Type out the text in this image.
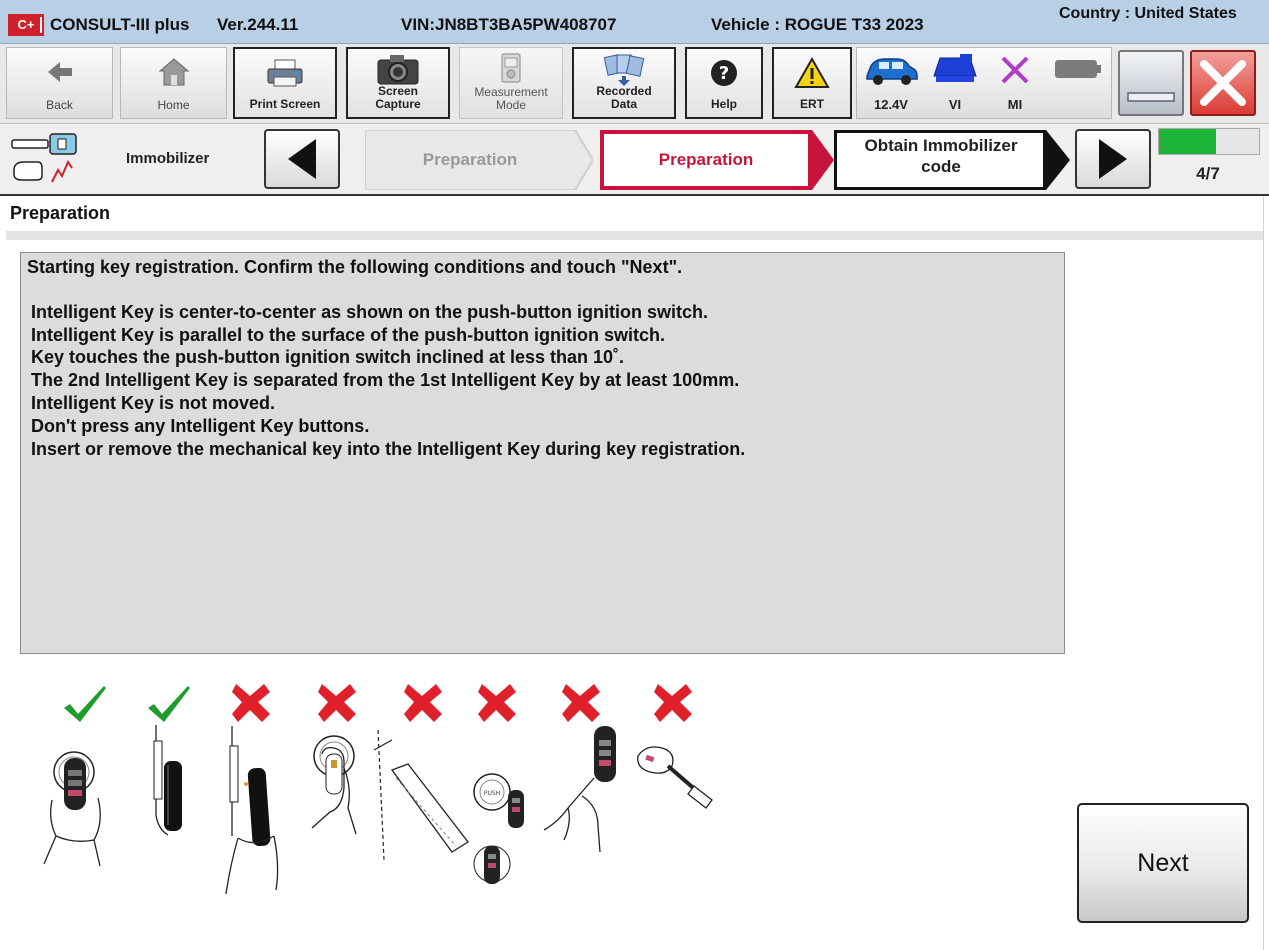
C+ CONSULT-III plus Ver.244.11	VIN:JN8BT3BA5PW408707	Vehicle : ROGUE T33 2023
Country : United States
Back	Home	Print Screen
Screen
Capture
Measurement
Mode
Recorded
Data
?
Help	ERT	12.4V	VI	MI
Immobilizer	Preparation	Preparation
Obtain Immobilizer code	4/7
Preparation

Starting key registration. Confirm the following conditions and touch "Next".

Intelligent Key is center-to-center as shown on the push-button ignition switch.

Intelligent Key is parallel to the surface of the push-button ignition switch.

Key touches the push-button ignition switch inclined at less than 10˚.

The 2nd Intelligent Key is separated from the 1st Intelligent Key by at least 100mm.

Intelligent Key is not moved.

Don't press any Intelligent Key buttons.

Insert or remove the mechanical key into the Intelligent Key during key registration.

PUSH
Next
